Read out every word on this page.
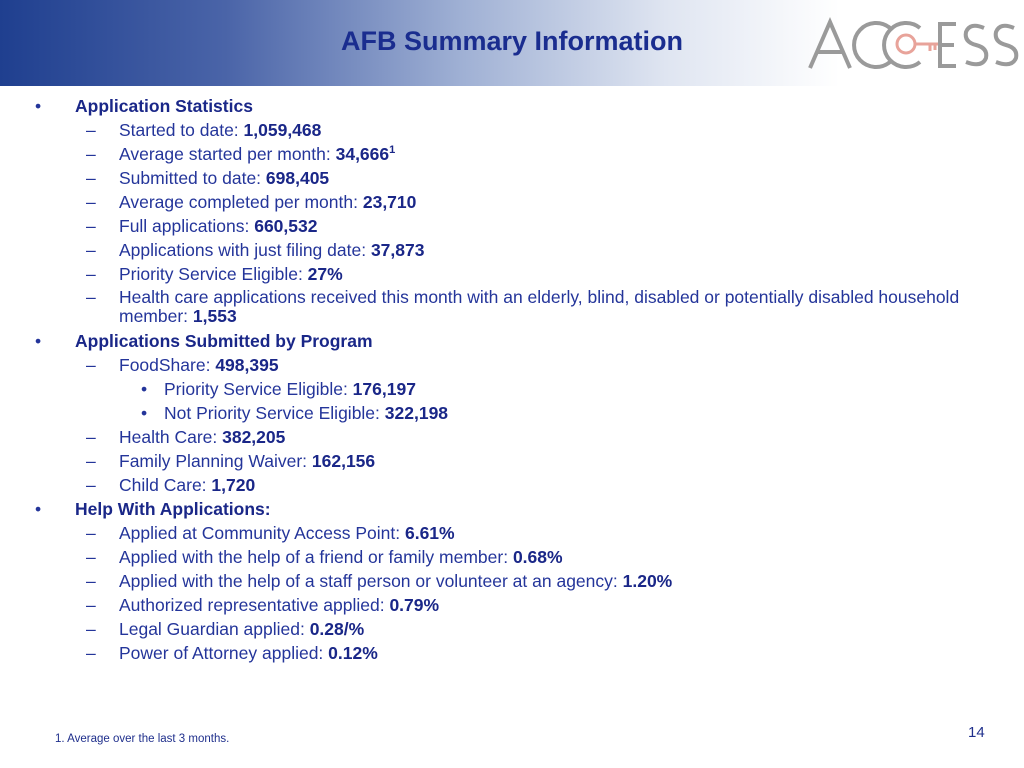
AFB Summary Information
• Application Statistics
– Started to date: 1,059,468
– Average started per month: 34,666$^1$
– Submitted to date: 698,405
– Average completed per month: 23,710
– Full applications: 660,532
– Applications with just filing date: 37,873
– Priority Service Eligible: 27%
– Health care applications received this month with an elderly, blind, disabled or potentially disabled household member: 1,553
• Applications Submitted by Program
– FoodShare: 498,395
• Priority Service Eligible: 176,197
• Not Priority Service Eligible: 322,198
– Health Care: 382,205
– Family Planning Waiver: 162,156
– Child Care: 1,720
• Help With Applications:
– Applied at Community Access Point: 6.61%
– Applied with the help of a friend or family member: 0.68%
– Applied with the help of a staff person or volunteer at an agency: 1.20%
– Authorized representative applied: 0.79%
– Legal Guardian applied: 0.28/%
– Power of Attorney applied: 0.12%
1. Average over the last 3 months.	14
